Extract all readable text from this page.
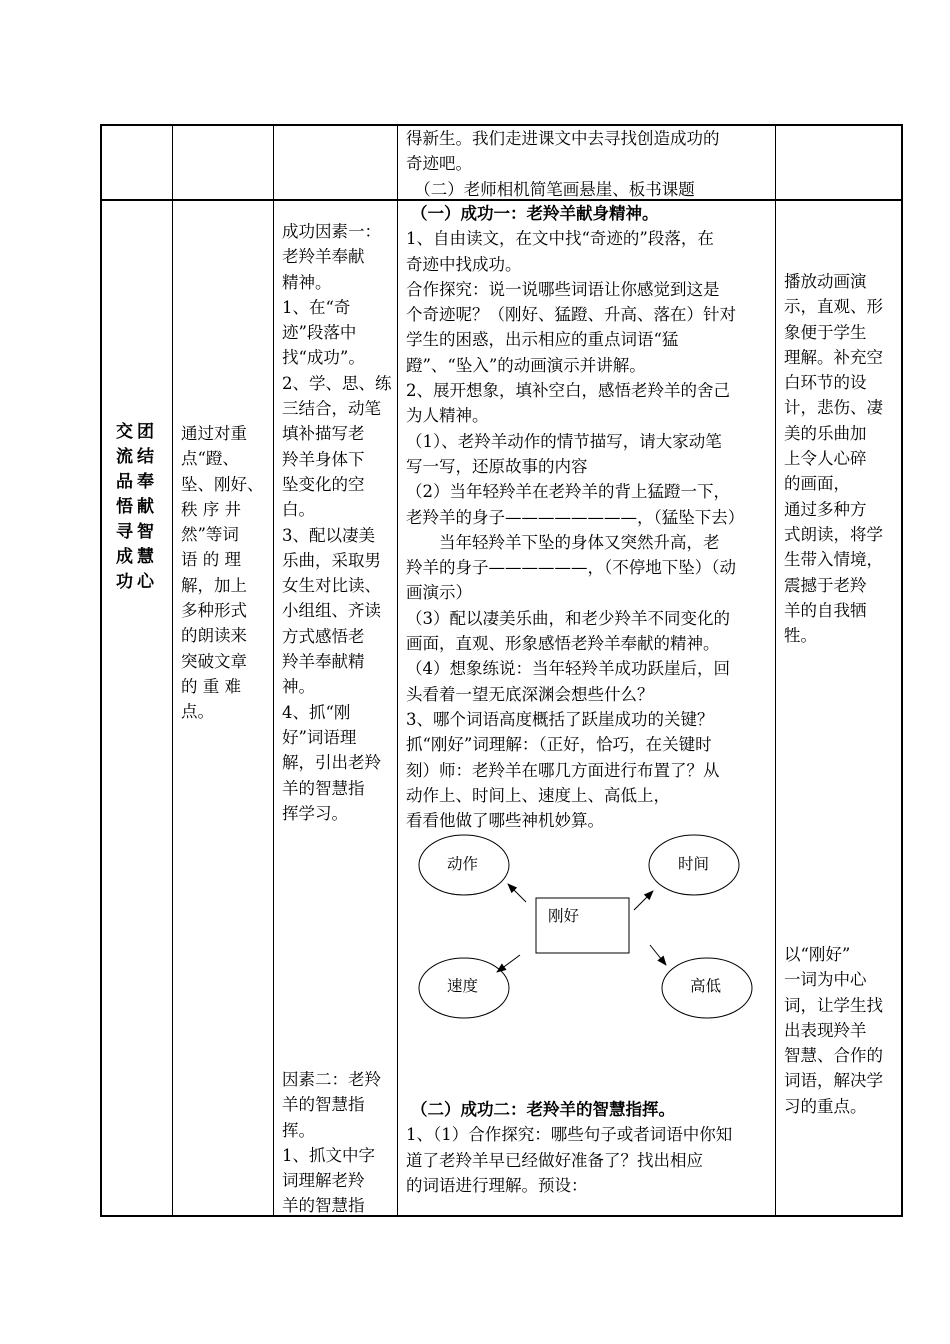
得新生。我们走进课文中去寻找创造成功的

奇迹吧。

（二）老师相机简笔画悬崖、板书课题

交团

流结

品奉

悟献

寻智

成慧

功心

通过对重

点“蹬、

坠、刚好、

秩 序 井

然”等词

语 的 理

解，加上

多种形式

的朗读来

突破文章

的 重 难

点。

成功因素一：

老羚羊奉献

精神。

1、在“奇

迹”段落中

找“成功”。

2、学、思、练

三结合，动笔

填补描写老

羚羊身体下

坠变化的空

白。

3、配以凄美

乐曲，采取男

女生对比读、

小组组、齐读

方式感悟老

羚羊奉献精

神。

4、抓“刚

好”词语理

解，引出老羚

羊的智慧指

挥学习。

因素二：老羚

羊的智慧指

挥。

1、抓文中字

词理解老羚

羊的智慧指

（一）成功一：老羚羊献身精神。

1、自由读文，在文中找“奇迹的”段落，在

奇迹中找成功。

合作探究：说一说哪些词语让你感觉到这是

个奇迹呢？（刚好、猛蹬、升高、落在）针对

学生的困惑，出示相应的重点词语“猛

蹬”、“坠入”的动画演示并讲解。

2、展开想象，填补空白，感悟老羚羊的舍己

为人精神。

（1）、老羚羊动作的情节描写，请大家动笔

写一写，还原故事的内容

（2）当年轻羚羊在老羚羊的背上猛蹬一下，

老羚羊的身子————————，（猛坠下去）

当年轻羚羊下坠的身体又突然升高，老

羚羊的身子——————，（不停地下坠）（动

画演示）

（3）配以凄美乐曲，和老少羚羊不同变化的

画面，直观、形象感悟老羚羊奉献的精神。

（4）想象练说：当年轻羚羊成功跃崖后，回

头看着一望无底深渊会想些什么？

3、哪个词语高度概括了跃崖成功的关键？

抓“刚好”词理解：（正好，恰巧，在关键时

刻）师：老羚羊在哪几方面进行布置了？从

动作上、时间上、速度上、高低上，

看看他做了哪些神机妙算。

动作	时间
刚好
速度	高低

（二）成功二：老羚羊的智慧指挥。

1、（1）合作探究：哪些句子或者词语中你知

道了老羚羊早已经做好准备了？找出相应

的词语进行理解。预设：

播放动画演

示，直观、形

象便于学生

理解。补充空

白环节的设

计，悲伤、凄

美的乐曲加

上令人心碎

的画面，

通过多种方

式朗读，将学

生带入情境，

震撼于老羚

羊的自我牺

牲。

以“刚好”

一词为中心

词，让学生找

出表现羚羊

智慧、合作的

词语，解决学

习的重点。
